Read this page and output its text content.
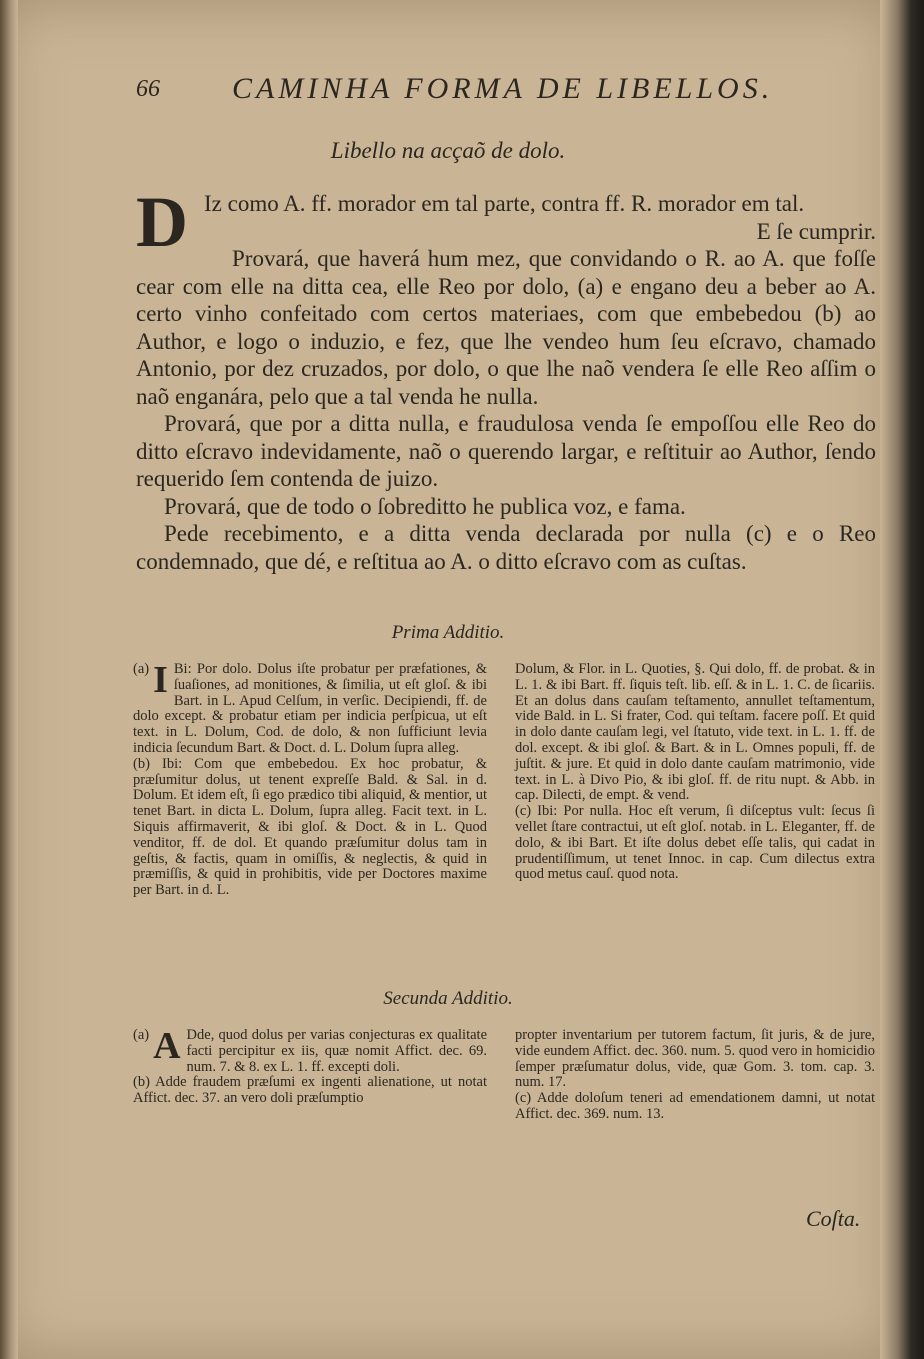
66 CAMINHA FORMA DE LIBELLOS.
Libello na acçaõ de dolo.

D Iz como A. ff. morador em tal parte, contra ff. R. morador em tal.

E ſe cumprir.

Provará, que haverá hum mez, que convidando o R. ao A. que foſſe cear com elle na ditta cea, elle Reo por dolo, (a) e engano deu a beber ao A. certo vinho confeitado com certos materiaes, com que embebedou (b) ao Author, e logo o induzio, e fez, que lhe vendeo hum ſeu eſcravo, chamado Antonio, por dez cruzados, por dolo, o que lhe naõ vendera ſe elle Reo aſſim o naõ enganára, pelo que a tal venda he nulla.

Provará, que por a ditta nulla, e fraudulosa venda ſe empoſſou elle Reo do ditto eſcravo indevidamente, naõ o querendo largar, e reſtituir ao Author, ſendo requerido ſem contenda de juizo.

Provará, que de todo o ſobreditto he publica voz, e fama.

Pede recebimento, e a ditta venda declarada por nulla (c) e o Reo condemnado, que dé, e reſtitua ao A. o ditto eſcravo com as cuſtas.

Prima Additio.

(a) I Bi: Por dolo. Dolus iſte probatur per præfationes, & ſuaſiones, ad monitiones, & ſimilia, ut eſt gloſ. & ibi Bart. in L. Apud Celſum, in verſic. Decipiendi, ff. de dolo except. & probatur etiam per indicia perſpicua, ut eſt text. in L. Dolum, Cod. de dolo, & non ſufficiunt levia indicia ſecundum Bart. & Doct. d. L. Dolum ſupra alleg.

(b) Ibi: Com que embebedou. Ex hoc probatur, & præſumitur dolus, ut tenent expreſſe Bald. & Sal. in d. Dolum. Et idem eſt, ſi ego prædico tibi aliquid, & mentior, ut tenet Bart. in dicta L. Dolum, ſupra alleg. Facit text. in L. Siquis affirmaverit, & ibi gloſ. & Doct. & in L. Quod venditor, ff. de dol. Et quando præſumitur dolus tam in geſtis, & factis, quam in omiſſis, & neglectis, & quid in præmiſſis, & quid in prohibitis, vide per Doctores maxime per Bart. in d. L.

Dolum, & Flor. in L. Quoties, §. Qui dolo, ff. de probat. & in L. 1. & ibi Bart. ff. ſiquis teſt. lib. eſſ. & in L. 1. C. de ſicariis. Et an dolus dans cauſam teſtamento, annullet teſtamentum, vide Bald. in L. Si frater, Cod. qui teſtam. facere poſſ. Et quid in dolo dante cauſam legi, vel ſtatuto, vide text. in L. 1. ff. de dol. except. & ibi gloſ. & Bart. & in L. Omnes populi, ff. de juſtit. & jure. Et quid in dolo dante cauſam matrimonio, vide text. in L. à Divo Pio, & ibi gloſ. ff. de ritu nupt. & Abb. in cap. Dilecti, de empt. & vend.

(c) Ibi: Por nulla. Hoc eſt verum, ſi diſceptus vult: ſecus ſi vellet ſtare contractui, ut eſt gloſ. notab. in L. Eleganter, ff. de dolo, & ibi Bart. Et iſte dolus debet eſſe talis, qui cadat in prudentiſſimum, ut tenet Innoc. in cap. Cum dilectus extra quod metus cauſ. quod nota.

Secunda Additio.

(a) A Dde, quod dolus per varias conjecturas ex qualitate facti percipitur ex iis, quæ nomit Affict. dec. 69. num. 7. & 8. ex L. 1. ff. excepti doli.

(b) Adde fraudem præſumi ex ingenti alienatione, ut notat Affict. dec. 37. an vero doli præſumptio

propter inventarium per tutorem factum, ſit juris, & de jure, vide eundem Affict. dec. 360. num. 5. quod vero in homicidio ſemper præſumatur dolus, vide, quæ Gom. 3. tom. cap. 3. num. 17.

(c) Adde doloſum teneri ad emendationem damni, ut notat Affict. dec. 369. num. 13.

Coſta.
